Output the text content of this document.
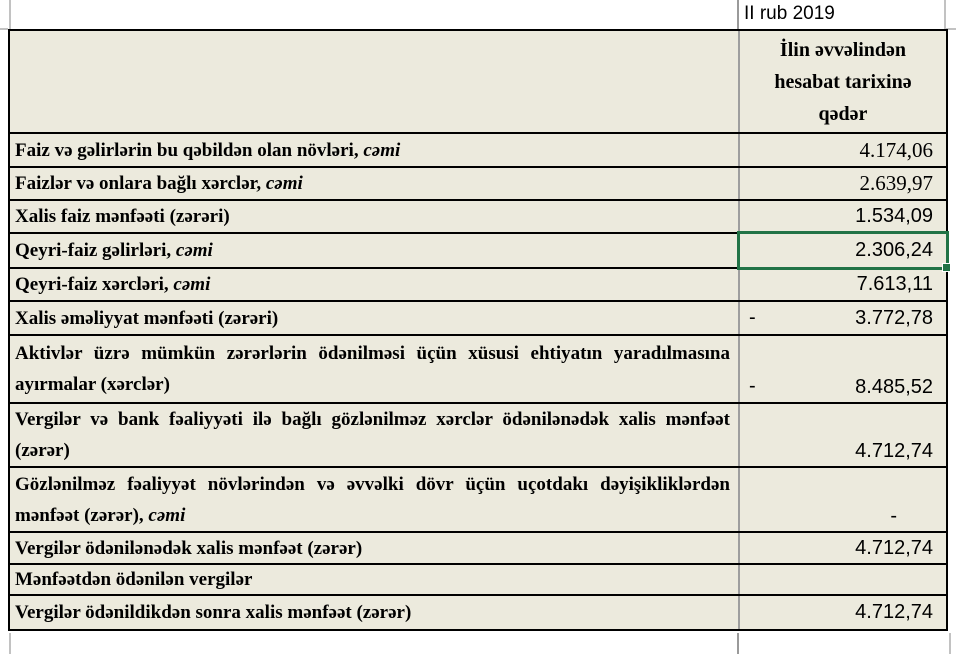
II rub 2019
İlin əvvəlindən
hesabat tarixinə
qədər
Faiz və gəlirlərin bu qəbildən olan növləri, cəmi	4.174,06
Faizlər və onlara bağlı xərclər, cəmi	2.639,97
Xalis faiz mənfəəti (zərəri)	1.534,09
Qeyri-faiz gəlirləri, cəmi	2.306,24
Qeyri-faiz xərcləri, cəmi	7.613,11
Xalis əməliyyat mənfəəti (zərəri)	-	3.772,78
Aktivlər üzrə mümkün zərərlərin ödənilməsi üçün xüsusi ehtiyatın yaradılmasına ayırmalar (xərclər)	-	8.485,52
Vergilər və bank fəaliyyəti ilə bağlı gözlənilməz xərclər ödənilənədək xalis mənfəət (zərər)	4.712,74
Gözlənilməz fəaliyyət növlərindən və əvvəlki dövr üçün uçotdakı dəyişikliklərdən mənfəət (zərər), cəmi	-
Vergilər ödənilənədək xalis mənfəət (zərər)	4.712,74
Mənfəətdən ödənilən vergilər
Vergilər ödənildikdən sonra xalis mənfəət (zərər)	4.712,74
